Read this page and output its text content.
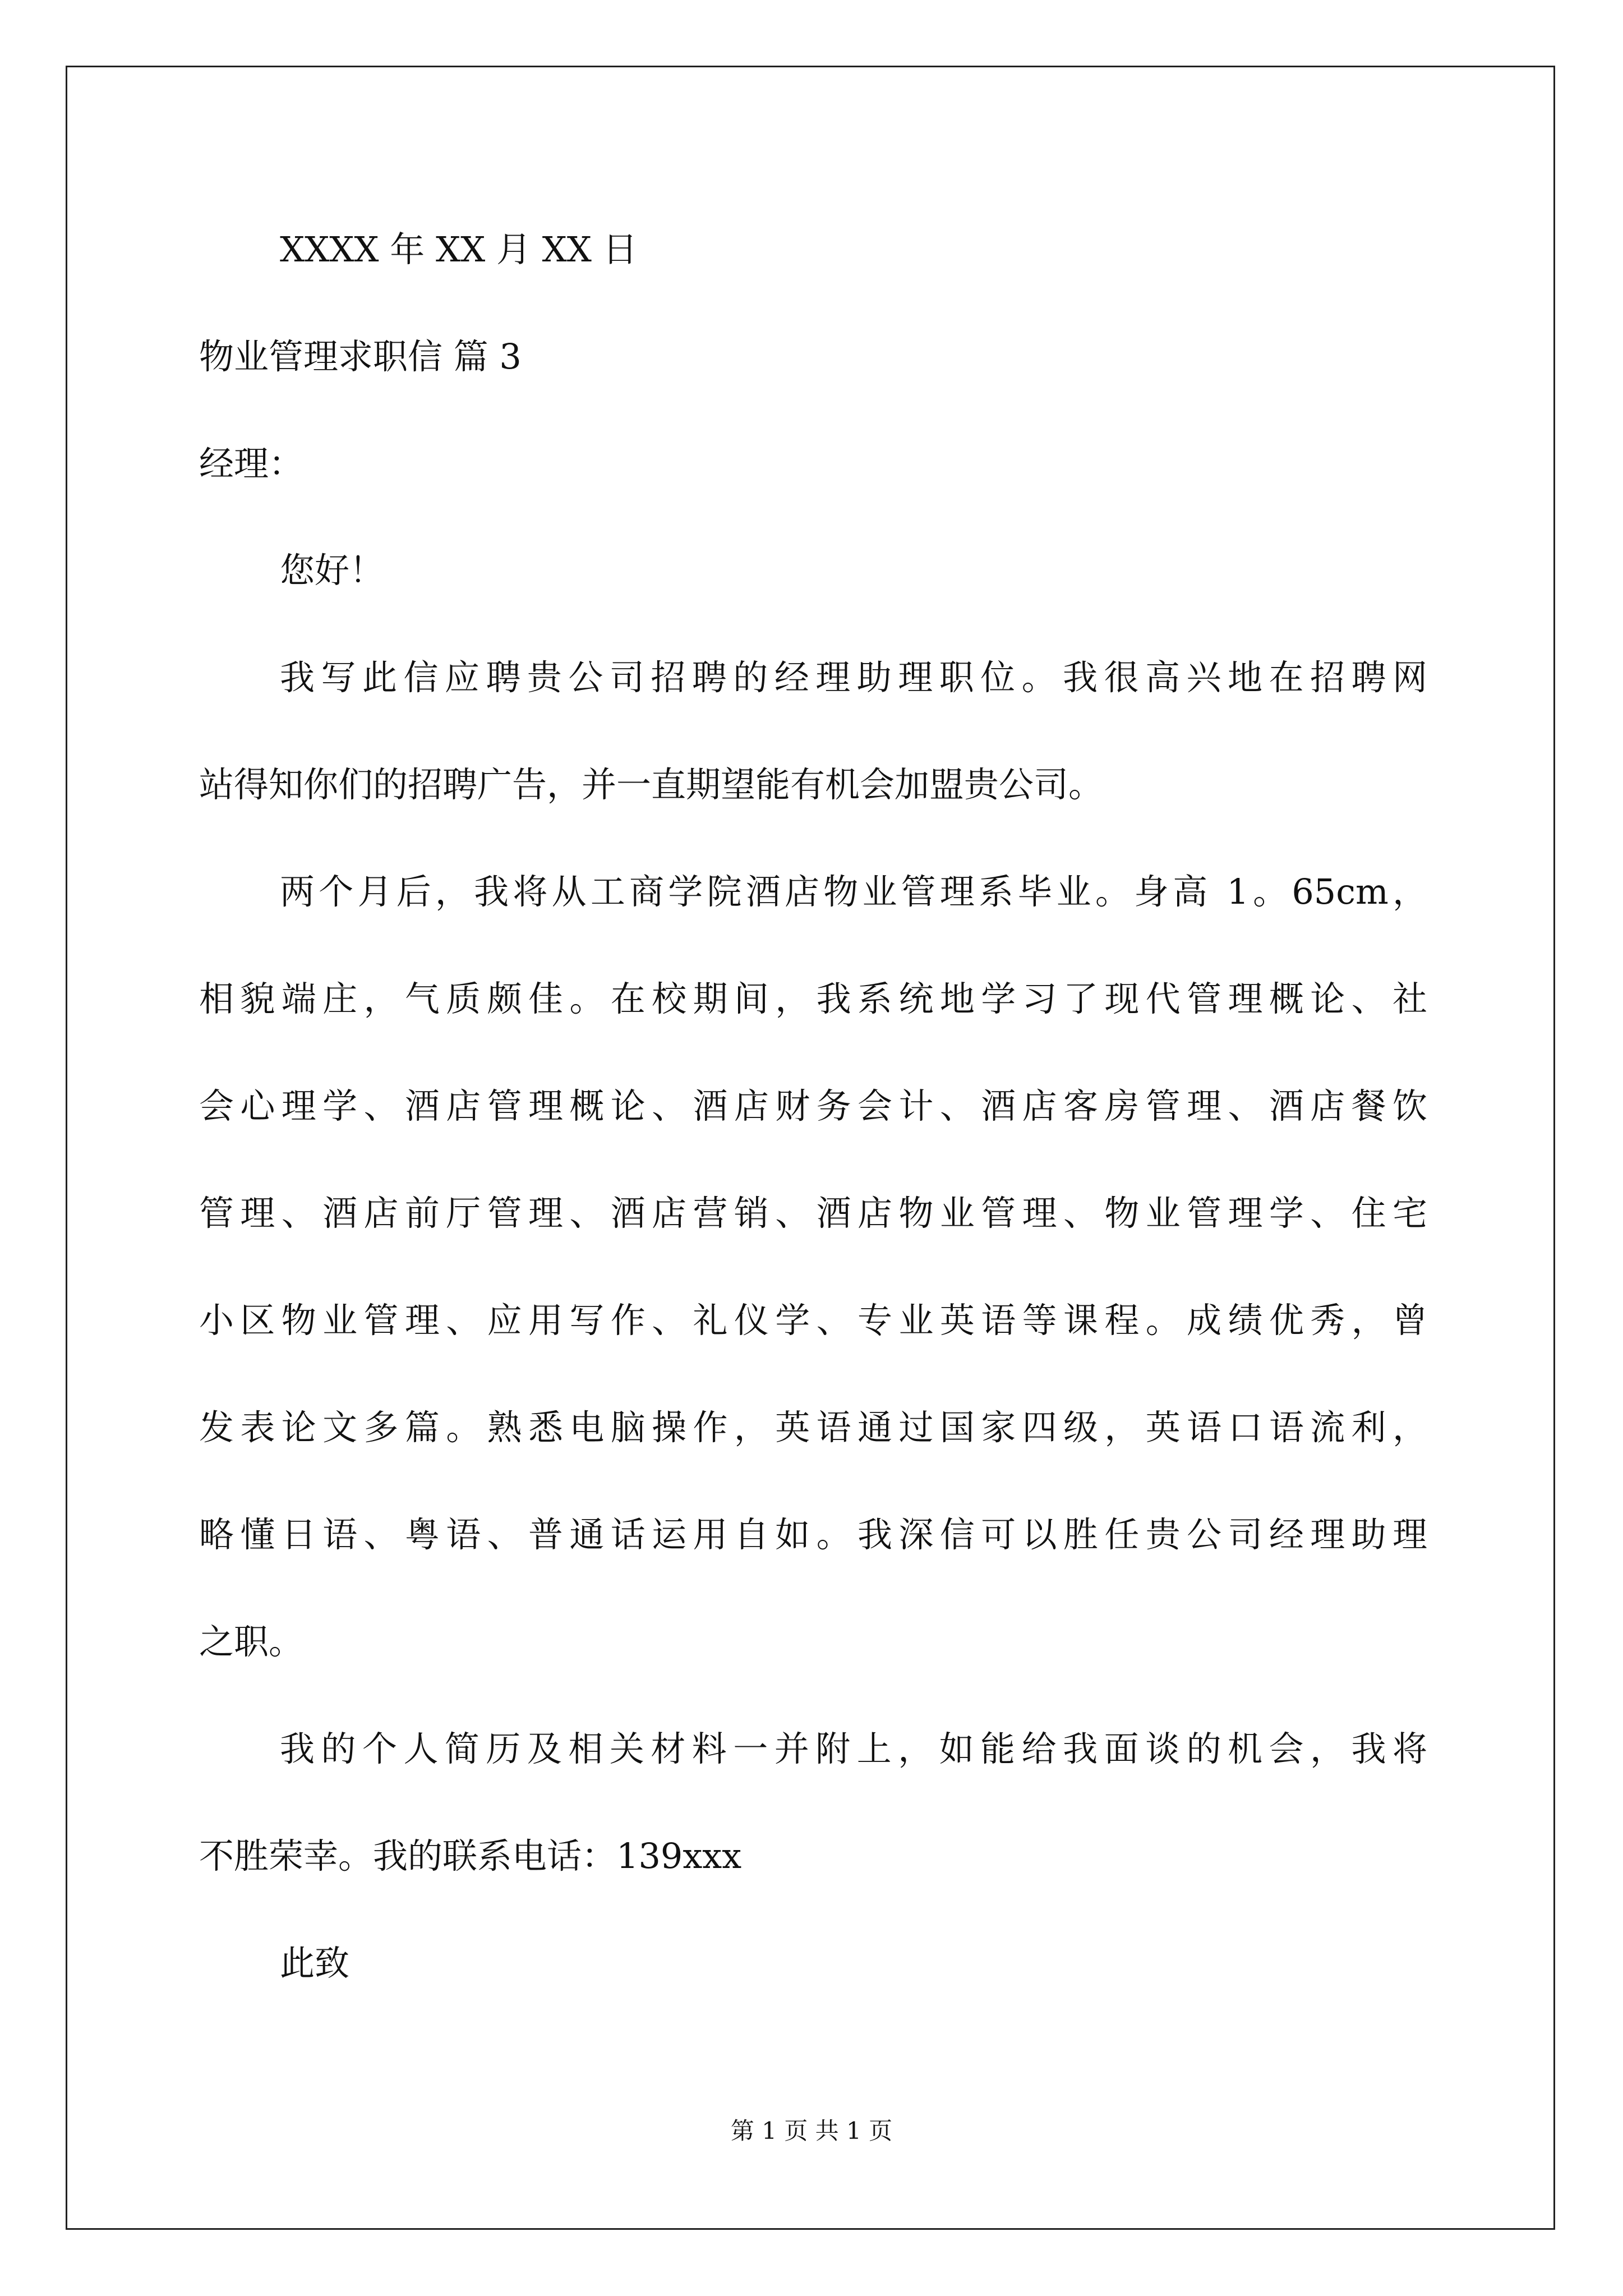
XXXX 年 XX 月 XX 日
物业管理求职信 篇 3
经理：
您好！
我写此信应聘贵公司招聘的经理助理职位。我很高兴地在招聘网
站得知你们的招聘广告，并一直期望能有机会加盟贵公司。
两个月后，我将从工商学院酒店物业管理系毕业。身高 1。65cm，
相貌端庄，气质颇佳。在校期间，我系统地学习了现代管理概论、社
会心理学、酒店管理概论、酒店财务会计、酒店客房管理、酒店餐饮
管理、酒店前厅管理、酒店营销、酒店物业管理、物业管理学、住宅
小区物业管理、应用写作、礼仪学、专业英语等课程。成绩优秀，曾
发表论文多篇。熟悉电脑操作，英语通过国家四级，英语口语流利，
略懂日语、粤语、普通话运用自如。我深信可以胜任贵公司经理助理
之职。
我的个人简历及相关材料一并附上，如能给我面谈的机会，我将
不胜荣幸。我的联系电话：139xxx
此致
第 1 页 共 1 页
